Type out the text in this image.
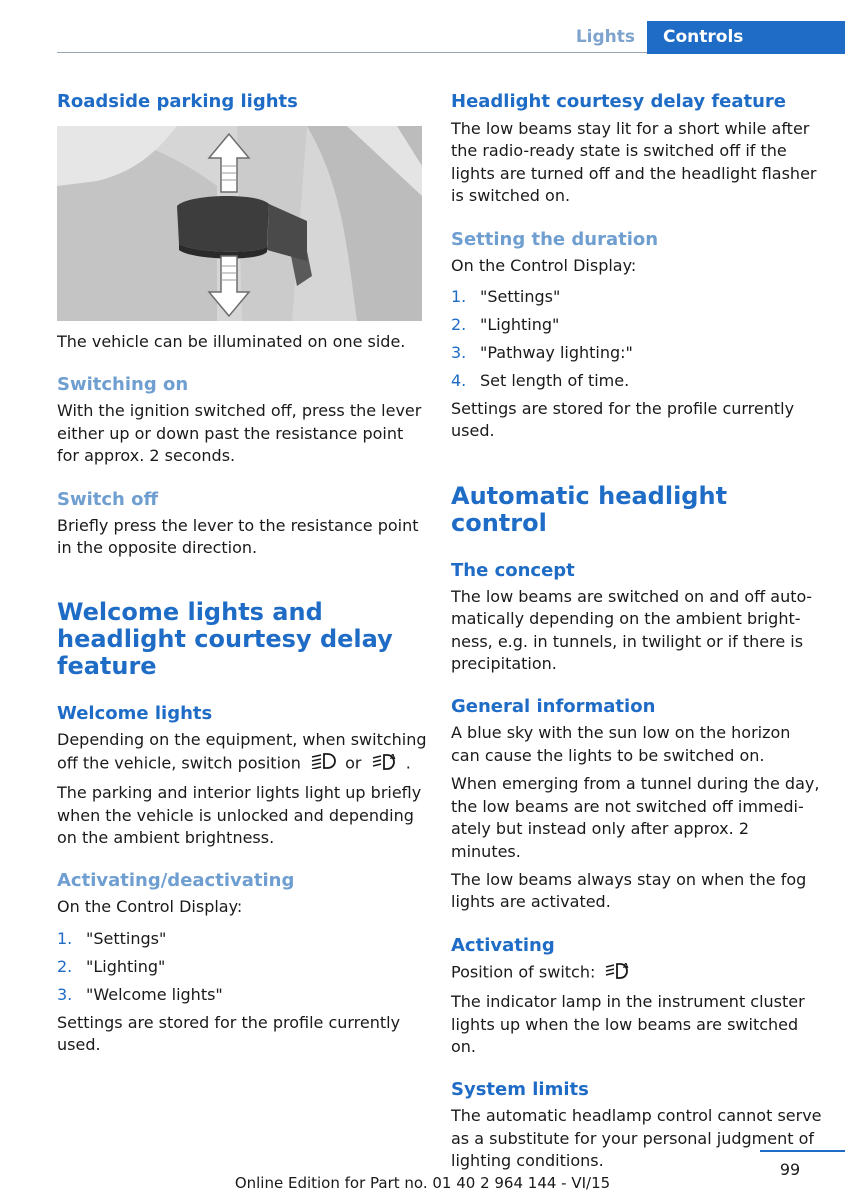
Lights	Controls
Roadside parking lights

The vehicle can be illuminated on one side.

Switching on

With the ignition switched off, press the lever either up or down past the resistance point for approx. 2 seconds.

Switch off

Briefly press the lever to the resistance point in the opposite direction.

Welcome lights and headlight courtesy delay feature
Welcome lights

Depending on the equipment, when switching off the vehicle, switch position	or	A .

The parking and interior lights light up briefly when the vehicle is unlocked and depending on the ambient brightness.

Activating/deactivating

On the Control Display:

1. "Settings"
2. "Lighting"
3. "Welcome lights"

Settings are stored for the profile currently used.

Headlight courtesy delay feature

The low beams stay lit for a short while after the radio-ready state is switched off if the lights are turned off and the headlight flasher is switched on.

Setting the duration

On the Control Display:

1. "Settings"
2. "Lighting"
3. "Pathway lighting:"
4. Set length of time.

Settings are stored for the profile currently used.

Automatic headlight control
The concept

The low beams are switched on and off automatically depending on the ambient brightness, e.g. in tunnels, in twilight or if there is precipitation.

General information

A blue sky with the sun low on the horizon can cause the lights to be switched on.

When emerging from a tunnel during the day, the low beams are not switched off immediately but instead only after approx. 2 minutes.

The low beams always stay on when the fog lights are activated.

Activating

Position of switch:	A

The indicator lamp in the instrument cluster lights up when the low beams are switched on.

System limits

The automatic headlamp control cannot serve as a substitute for your personal judgment of lighting conditions.	99
Online Edition for Part no. 01 40 2 964 144 - VI/15
